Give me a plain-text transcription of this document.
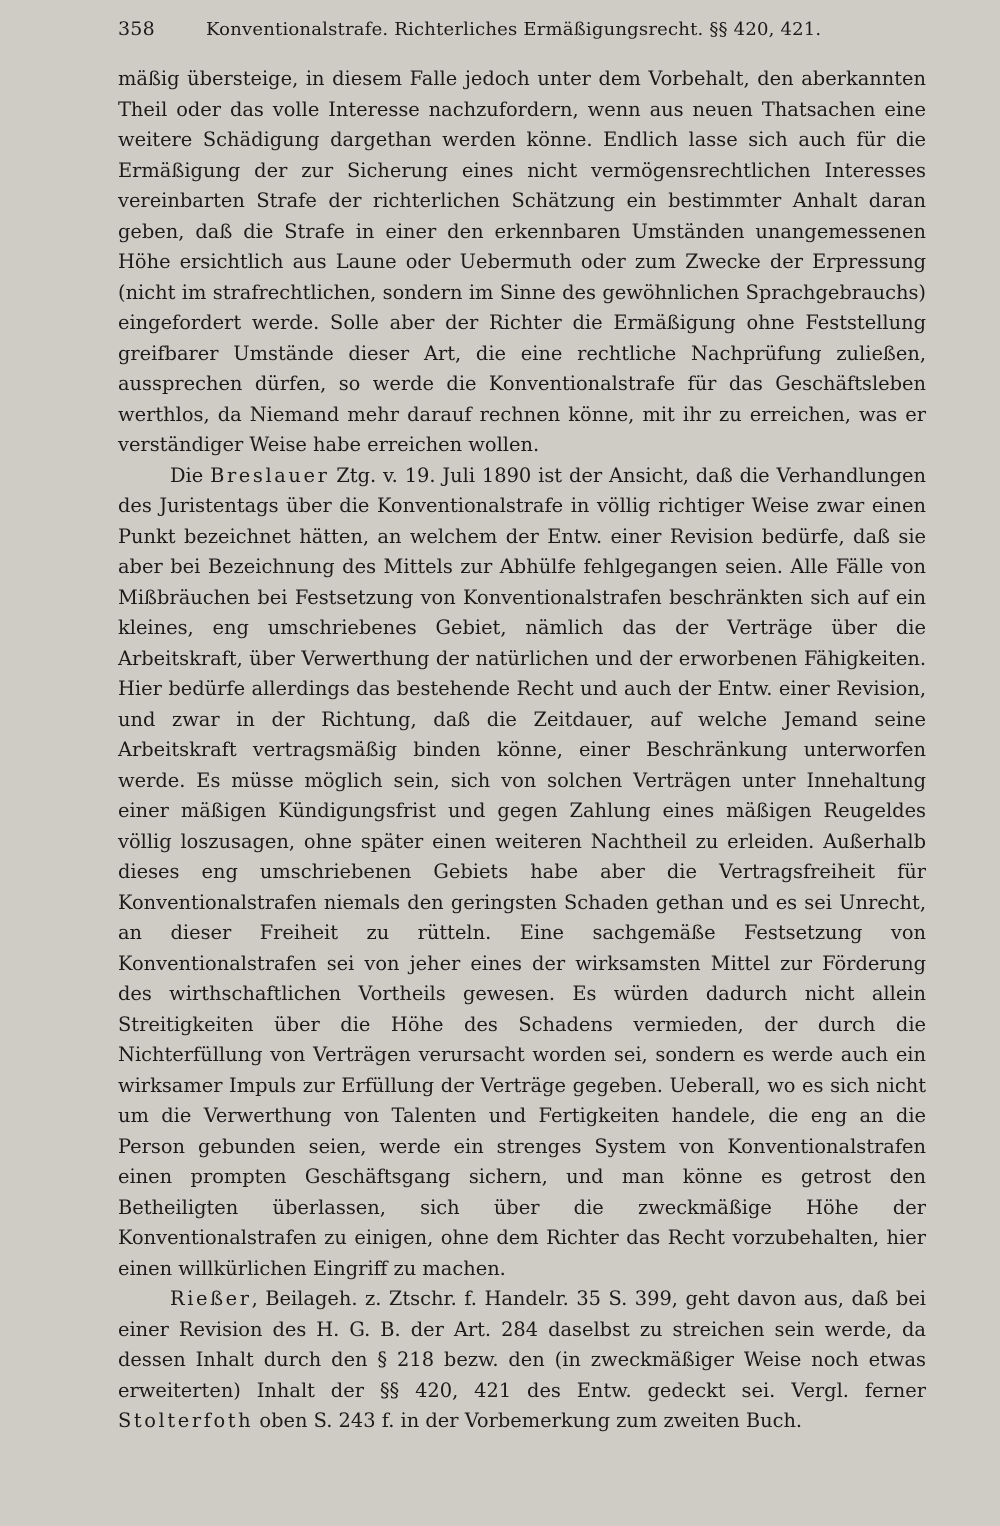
358	Konventionalstrafe. Richterliches Ermäßigungsrecht. §§ 420, 421.

mäßig übersteige, in diesem Falle jedoch unter dem Vorbehalt, den aberkannten Theil oder das volle Interesse nachzufordern, wenn aus neuen Thatsachen eine weitere Schädigung dargethan werden könne. Endlich lasse sich auch für die Ermäßigung der zur Sicherung eines nicht vermögensrechtlichen Interesses vereinbarten Strafe der richterlichen Schätzung ein bestimmter Anhalt daran geben, daß die Strafe in einer den erkennbaren Umständen unangemessenen Höhe ersichtlich aus Laune oder Uebermuth oder zum Zwecke der Erpressung (nicht im strafrechtlichen, sondern im Sinne des gewöhnlichen Sprachgebrauchs) eingefordert werde. Solle aber der Richter die Ermäßigung ohne Feststellung greifbarer Umstände dieser Art, die eine rechtliche Nachprüfung zuließen, aussprechen dürfen, so werde die Konventionalstrafe für das Geschäftsleben werthlos, da Niemand mehr darauf rechnen könne, mit ihr zu erreichen, was er verständiger Weise habe erreichen wollen.

Die Breslauer Ztg. v. 19. Juli 1890 ist der Ansicht, daß die Verhandlungen des Juristentags über die Konventionalstrafe in völlig richtiger Weise zwar einen Punkt bezeichnet hätten, an welchem der Entw. einer Revision bedürfe, daß sie aber bei Bezeichnung des Mittels zur Abhülfe fehlgegangen seien. Alle Fälle von Mißbräuchen bei Festsetzung von Konventionalstrafen beschränkten sich auf ein kleines, eng umschriebenes Gebiet, nämlich das der Verträge über die Arbeitskraft, über Verwerthung der natürlichen und der erworbenen Fähigkeiten. Hier bedürfe allerdings das bestehende Recht und auch der Entw. einer Revision, und zwar in der Richtung, daß die Zeitdauer, auf welche Jemand seine Arbeitskraft vertragsmäßig binden könne, einer Beschränkung unterworfen werde. Es müsse möglich sein, sich von solchen Verträgen unter Innehaltung einer mäßigen Kündigungsfrist und gegen Zahlung eines mäßigen Reugeldes völlig loszusagen, ohne später einen weiteren Nachtheil zu erleiden. Außerhalb dieses eng umschriebenen Gebiets habe aber die Vertragsfreiheit für Konventionalstrafen niemals den geringsten Schaden gethan und es sei Unrecht, an dieser Freiheit zu rütteln. Eine sachgemäße Festsetzung von Konventionalstrafen sei von jeher eines der wirksamsten Mittel zur Förderung des wirthschaftlichen Vortheils gewesen. Es würden dadurch nicht allein Streitigkeiten über die Höhe des Schadens vermieden, der durch die Nichterfüllung von Verträgen verursacht worden sei, sondern es werde auch ein wirksamer Impuls zur Erfüllung der Verträge gegeben. Ueberall, wo es sich nicht um die Verwerthung von Talenten und Fertigkeiten handele, die eng an die Person gebunden seien, werde ein strenges System von Konventionalstrafen einen prompten Geschäftsgang sichern, und man könne es getrost den Betheiligten überlassen, sich über die zweckmäßige Höhe der Konventionalstrafen zu einigen, ohne dem Richter das Recht vorzubehalten, hier einen willkürlichen Eingriff zu machen.

Rießer, Beilageh. z. Ztschr. f. Handelr. 35 S. 399, geht davon aus, daß bei einer Revision des H. G. B. der Art. 284 daselbst zu streichen sein werde, da dessen Inhalt durch den § 218 bezw. den (in zweckmäßiger Weise noch etwas erweiterten) Inhalt der §§ 420, 421 des Entw. gedeckt sei. Vergl. ferner Stolterfoth oben S. 243 f. in der Vorbemerkung zum zweiten Buch.
